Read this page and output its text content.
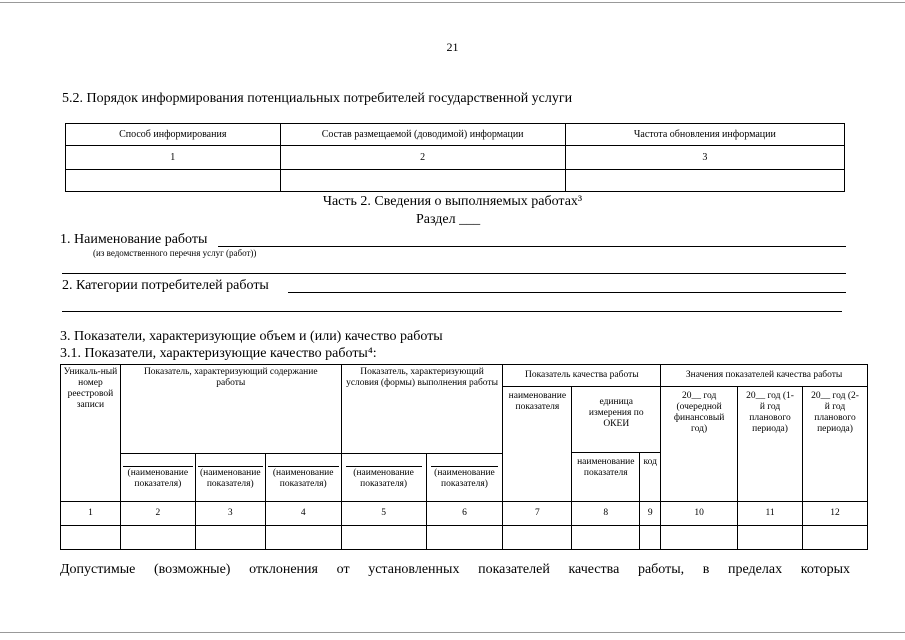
21
5.2. Порядок информирования потенциальных потребителей государственной услуги
Способ информирования	Состав размещаемой (доводимой) информации	Частота обновления информации
1	2	3

Часть 2. Сведения о выполняемых работах³
Раздел ___
1. Наименование работы
(из ведомственного перечня услуг (работ))
2. Категории потребителей работы
3. Показатели, характеризующие объем и (или) качество работы
3.1. Показатели, характеризующие качество работы⁴:
Уникаль-ный номер реестровой записи	Показатель, характеризующий содержание работы			Показатель, характеризующий условия (формы) выполнения работы		Показатель качества работы			Значения показателей качества работы		
						наименование показателя	единица измерения по ОКЕИ		20__ год (очередной финансовый год)	20__ год (1-й год планового периода)	20__ год (2-й год планового периода)
							наименование показателя	код			
	(наименование показателя)	(наименование показателя)	(наименование показателя)	(наименование показателя)	(наименование показателя)						
1	2	3	4	5	6	7	8	9	10	11	12

Допустимые (возможные) отклонения от установленных показателей качества работы, в пределах которых
